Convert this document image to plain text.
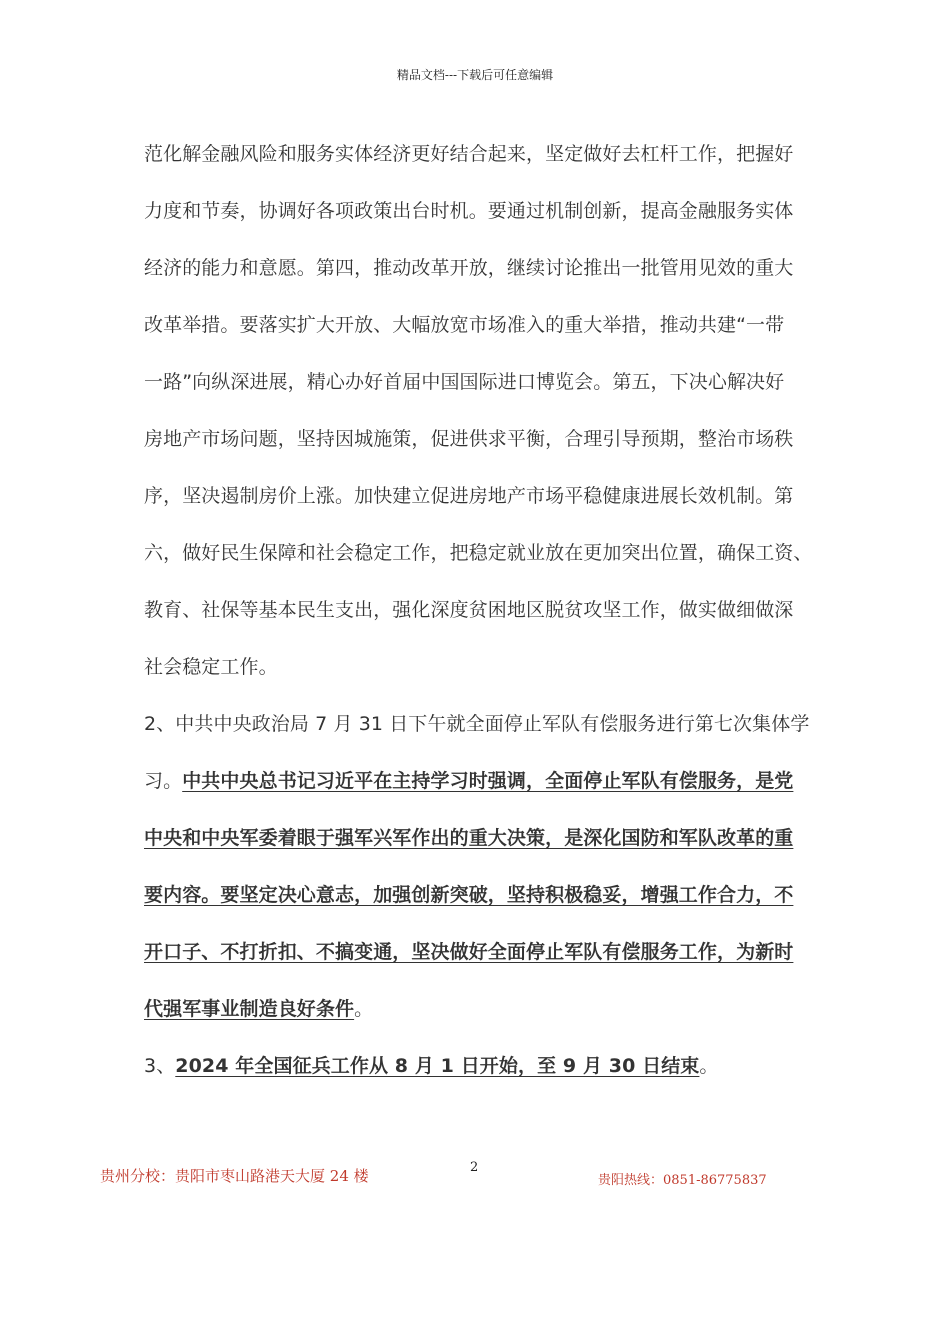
精品文档---下载后可任意编辑
范化解金融风险和服务实体经济更好结合起来，坚定做好去杠杆工作，把握好
力度和节奏，协调好各项政策出台时机。要通过机制创新，提高金融服务实体
经济的能力和意愿。第四，推动改革开放，继续讨论推出一批管用见效的重大
改革举措。要落实扩大开放、大幅放宽市场准入的重大举措，推动共建“一带
一路”向纵深进展，精心办好首届中国国际进口博览会。第五，下决心解决好
房地产市场问题，坚持因城施策，促进供求平衡，合理引导预期，整治市场秩
序，坚决遏制房价上涨。加快建立促进房地产市场平稳健康进展长效机制。第
六，做好民生保障和社会稳定工作，把稳定就业放在更加突出位置，确保工资、
教育、社保等基本民生支出，强化深度贫困地区脱贫攻坚工作，做实做细做深
社会稳定工作。
2、中共中央政治局 7 月 31 日下午就全面停止军队有偿服务进行第七次集体学
习。中共中央总书记习近平在主持学习时强调，全面停止军队有偿服务，是党
中央和中央军委着眼于强军兴军作出的重大决策，是深化国防和军队改革的重
要内容。要坚定决心意志，加强创新突破，坚持积极稳妥，增强工作合力，不
开口子、不打折扣、不搞变通，坚决做好全面停止军队有偿服务工作，为新时
代强军事业制造良好条件。
3、2024 年全国征兵工作从 8 月 1 日开始，至 9 月 30 日结束。
贵州分校：贵阳市枣山路港天大厦 24 楼	2
贵阳热线：0851-86775837
